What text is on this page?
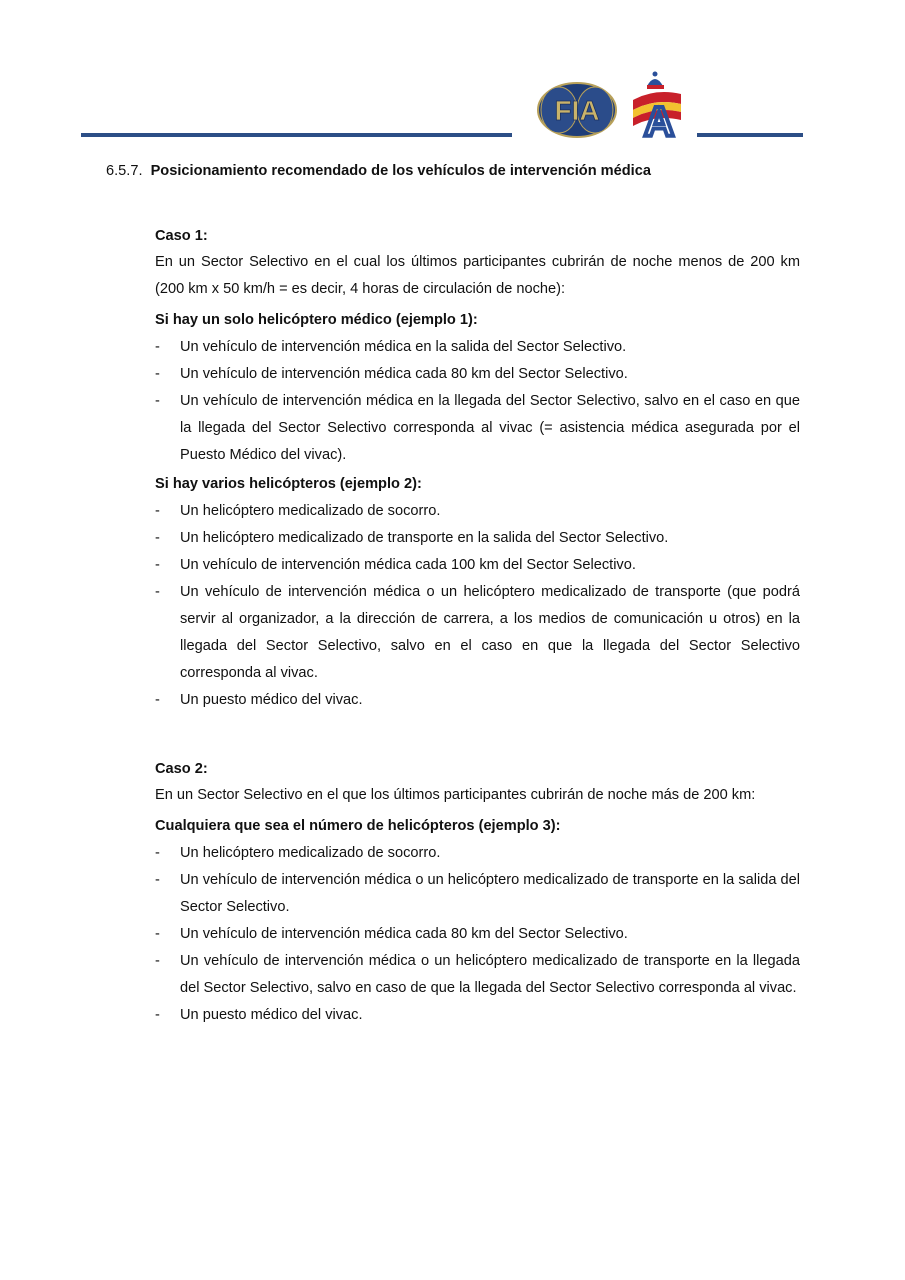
FIA A
6.5.7. Posicionamiento recomendado de los vehículos de intervención médica
Caso 1:

En un Sector Selectivo en el cual los últimos participantes cubrirán de noche menos de 200 km (200 km x 50 km/h = es decir, 4 horas de circulación de noche):

Si hay un solo helicóptero médico (ejemplo 1):
- Un vehículo de intervención médica en la salida del Sector Selectivo.
- Un vehículo de intervención médica cada 80 km del Sector Selectivo.
- Un vehículo de intervención médica en la llegada del Sector Selectivo, salvo en el caso en que la llegada del Sector Selectivo corresponda al vivac (= asistencia médica asegurada por el Puesto Médico del vivac).
Si hay varios helicópteros (ejemplo 2):
- Un helicóptero medicalizado de socorro.
- Un helicóptero medicalizado de transporte en la salida del Sector Selectivo.
- Un vehículo de intervención médica cada 100 km del Sector Selectivo.
- Un vehículo de intervención médica o un helicóptero medicalizado de transporte (que podrá servir al organizador, a la dirección de carrera, a los medios de comunicación u otros) en la llegada del Sector Selectivo, salvo en el caso en que la llegada del Sector Selectivo corresponda al vivac.
- Un puesto médico del vivac.
Caso 2:

En un Sector Selectivo en el que los últimos participantes cubrirán de noche más de 200 km:

Cualquiera que sea el número de helicópteros (ejemplo 3):
- Un helicóptero medicalizado de socorro.
- Un vehículo de intervención médica o un helicóptero medicalizado de transporte en la salida del Sector Selectivo.
- Un vehículo de intervención médica cada 80 km del Sector Selectivo.
- Un vehículo de intervención médica o un helicóptero medicalizado de transporte en la llegada del Sector Selectivo, salvo en caso de que la llegada del Sector Selectivo corresponda al vivac.
- Un puesto médico del vivac.
